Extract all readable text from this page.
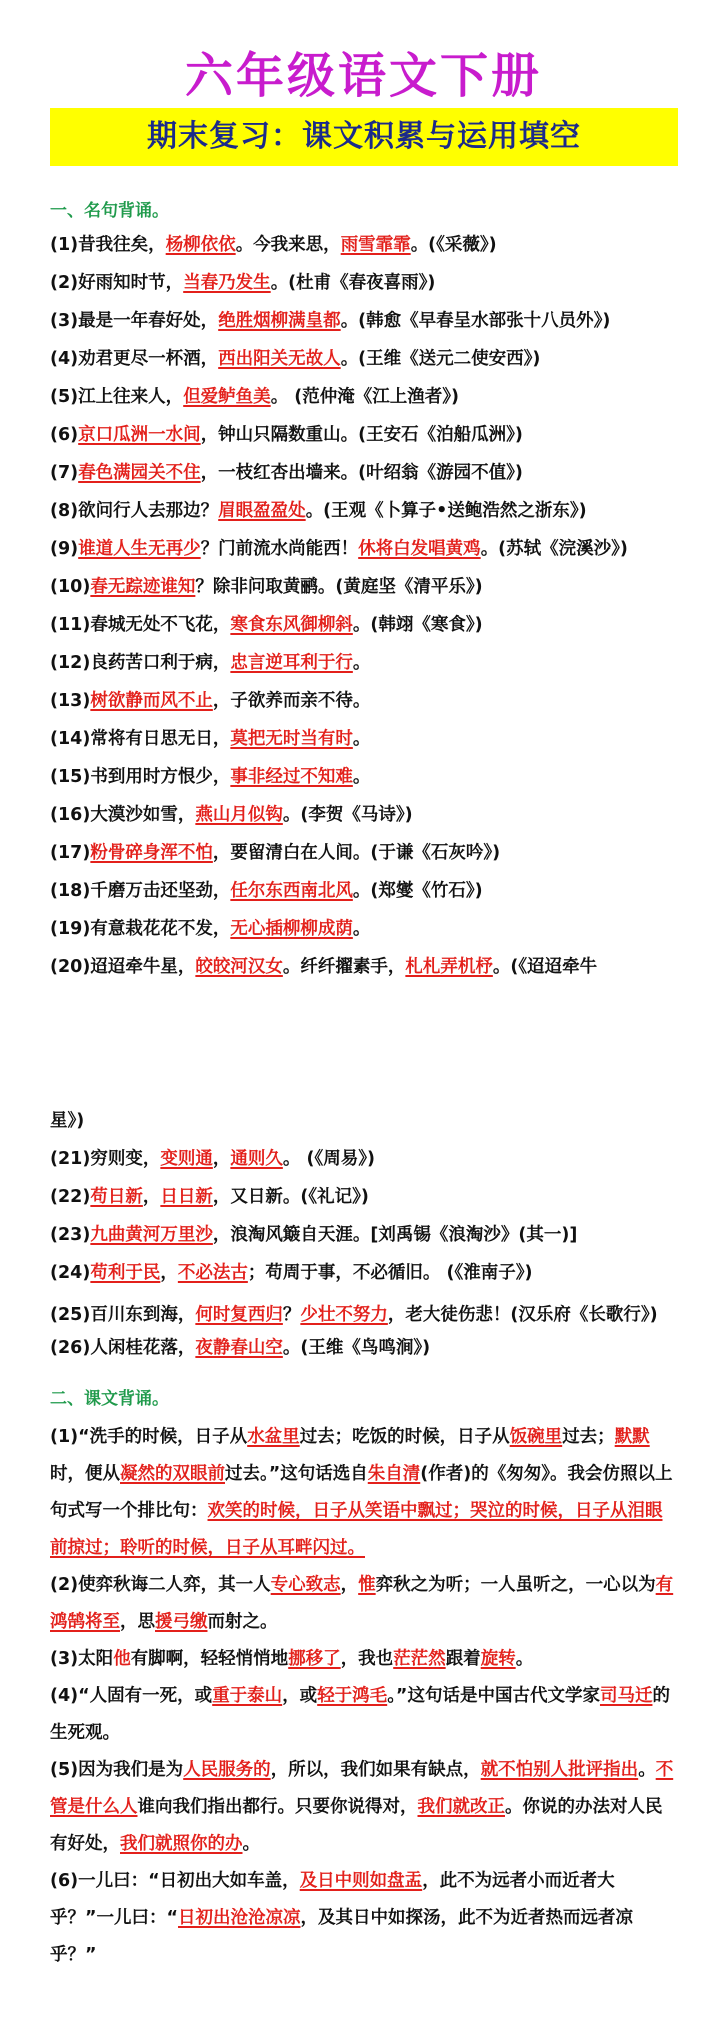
六年级语文下册
期末复习：课文积累与运用填空
一、名句背诵。
(1)昔我往矣，杨柳依依。今我来思，雨雪霏霏。(《采薇》)
(2)好雨知时节，当春乃发生。(杜甫《春夜喜雨》)
(3)最是一年春好处，绝胜烟柳满皇都。(韩愈《早春呈水部张十八员外》)
(4)劝君更尽一杯酒，西出阳关无故人。(王维《送元二使安西》)
(5)江上往来人，但爱鲈鱼美。 (范仲淹《江上渔者》)
(6)京口瓜洲一水间，钟山只隔数重山。(王安石《泊船瓜洲》)
(7)春色满园关不住，一枝红杏出墙来。(叶绍翁《游园不值》)
(8)欲问行人去那边？眉眼盈盈处。(王观《卜算子•送鲍浩然之浙东》)
(9)谁道人生无再少？门前流水尚能西！休将白发唱黄鸡。(苏轼《浣溪沙》)
(10)春无踪迹谁知？除非问取黄鹂。(黄庭坚《清平乐》)
(11)春城无处不飞花，寒食东风御柳斜。(韩翊《寒食》)
(12)良药苦口利于病，忠言逆耳利于行。
(13)树欲静而风不止，子欲养而亲不待。
(14)常将有日思无日，莫把无时当有时。
(15)书到用时方恨少，事非经过不知难。
(16)大漠沙如雪，燕山月似钩。(李贺《马诗》)
(17)粉骨碎身浑不怕，要留清白在人间。(于谦《石灰吟》)
(18)千磨万击还坚劲，任尔东西南北风。(郑燮《竹石》)
(19)有意栽花花不发，无心插柳柳成荫。
(20)迢迢牵牛星，皎皎河汉女。纤纤擢素手，札札弄机杼。(《迢迢牵牛
星》)
(21)穷则变，变则通，通则久。 (《周易》)
(22)苟日新，日日新，又日新。(《礼记》)
(23)九曲黄河万里沙，浪淘风簸自天涯。[刘禹锡《浪淘沙》(其一)]
(24)苟利于民，不必法古；苟周于事，不必循旧。 (《淮南子》)
(25)百川东到海，何时复西归？少壮不努力，老大徒伤悲！(汉乐府《长歌行》)
(26)人闲桂花落，夜静春山空。(王维《鸟鸣涧》)
二、课文背诵。
(1)“洗手的时候，日子从水盆里过去；吃饭的时候，日子从饭碗里过去；默默时，便从凝然的双眼前过去。”这句话选自朱自清(作者)的《匆匆》。我会仿照以上句式写一个排比句：欢笑的时候，日子从笑语中飘过；哭泣的时候，日子从泪眼前掠过；聆听的时候，日子从耳畔闪过。
(2)使弈秋诲二人弈，其一人专心致志，惟弈秋之为听；一人虽听之，一心以为有鸿鹄将至，思援弓缴而射之。
(3)太阳他有脚啊，轻轻悄悄地挪移了，我也茫茫然跟着旋转。
(4)“人固有一死，或重于泰山，或轻于鸿毛。”这句话是中国古代文学家司马迁的生死观。
(5)因为我们是为人民服务的，所以，我们如果有缺点，就不怕别人批评指出。不管是什么人谁向我们指出都行。只要你说得对，我们就改正。你说的办法对人民有好处，我们就照你的办。
(6)一儿曰：“日初出大如车盖，及日中则如盘盂，此不为远者小而近者大乎？”一儿曰：“日初出沧沧凉凉，及其日中如探汤，此不为近者热而远者凉乎？”
